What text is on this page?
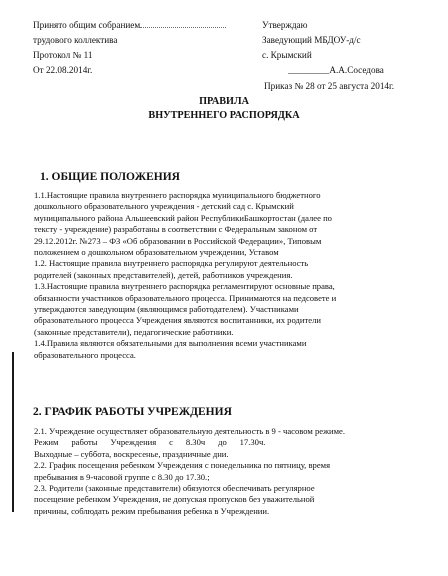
Принято общим собранием
трудового коллектива
Протокол № 11
От 22.08.2014г.
Утверждаю
Заведующий МБДОУ-д/с
с. Крымский
_________А.А.Соседова
Приказ № 28 от 25 августа 2014г.
ПРАВИЛА
ВНУТРЕННЕГО РАСПОРЯДКА
1. ОБЩИЕ ПОЛОЖЕНИЯ

1.1.Настоящие правила внутреннего распорядка муниципального бюджетного

дошкольного образовательного учреждения - детский сад с. Крымский

муниципального района Альшеевский район РеспубликиБашкортостан (далее по

тексту - учреждение) разработаны в соответствии с Федеральным законом от

29.12.2012г. №273 – ФЗ «Об образовании в Российской Федерации», Типовым

положением о дошкольном образовательном учреждении, Уставом

1.2. Настоящие правила внутреннего распорядка регулируют деятельность

родителей (законных представителей), детей, работников учреждения.

1.3.Настоящие правила внутреннего распорядка регламентируют основные права,

обязанности участников образовательного процесса. Принимаются на педсовете и

утверждаются заведующим (являющимся работодателем). Участниками

образовательного процесса Учреждения являются воспитанники, их родители

(законные представители), педагогические работники.

1.4.Правила являются обязательными для выполнения всеми участниками

образовательного процесса.

2. ГРАФИК РАБОТЫ УЧРЕЖДЕНИЯ

2.1. Учреждение осуществляет образовательную деятельность в 9 - часовом режиме.

Режим      работы      Учреждения      с      8.30ч      до      17.30ч.

Выходные – суббота, воскресенье, праздничные дни.

2.2. График посещения ребенком Учреждения с понедельника по пятницу, время

пребывания в 9-часовой группе с 8.30 до 17.30.;

2.3. Родители (законные представители) обязуются обеспечивать регулярное

посещение ребенком Учреждения, не допуская пропусков без уважительной

причины, соблюдать режим пребывания ребенка в Учреждении.
